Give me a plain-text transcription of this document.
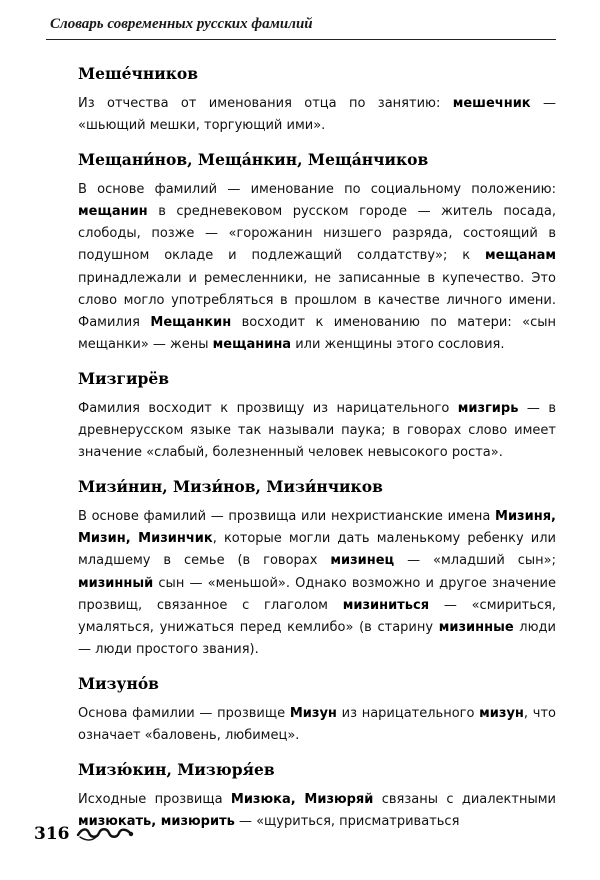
Словарь современных русских фамилий
Меше́чников

Из отчества от именования отца по занятию: мешечник — «шьющий мешки, торгующий ими».

Мещани́нов, Меща́нкин, Меща́нчиков

В основе фамилий — именование по социальному положению: мещанин в средневековом русском городе — житель посада, слободы, позже — «горожанин низшего разряда, состоящий в подушном окладе и подлежащий солдатству»; к мещанам принадлежали и ремесленники, не записанные в купечество. Это слово могло употребляться в прошлом в качестве личного имени. Фамилия Мещанкин восходит к именованию по матери: «сын мещанки» — жены мещанина или женщины этого сословия.

Мизгирёв

Фамилия восходит к прозвищу из нарицательного мизгирь — в древнерусском языке так называли паука; в говорах слово имеет значение «слабый, болезненный человек невысокого роста».

Мизи́нин, Мизи́нов, Мизи́нчиков

В основе фамилий — прозвища или нехристианские имена Мизиня, Мизин, Мизинчик, которые могли дать маленькому ребенку или младшему в семье (в говорах мизинец — «младший сын»; мизинный сын — «меньшой». Однако возможно и другое значение прозвищ, связанное с глаголом мизиниться — «смириться, умаляться, унижаться перед кемлибо» (в старину мизинные люди — люди простого звания).

Мизуно́в

Основа фамилии — прозвище Мизун из нарицательного мизун, что означает «баловень, любимец».

Мизю́кин, Мизюря́ев

Исходные прозвища Мизюка, Мизюряй связаны с диалектными мизюкать, мизюрить — «щуриться, присматриваться

316
